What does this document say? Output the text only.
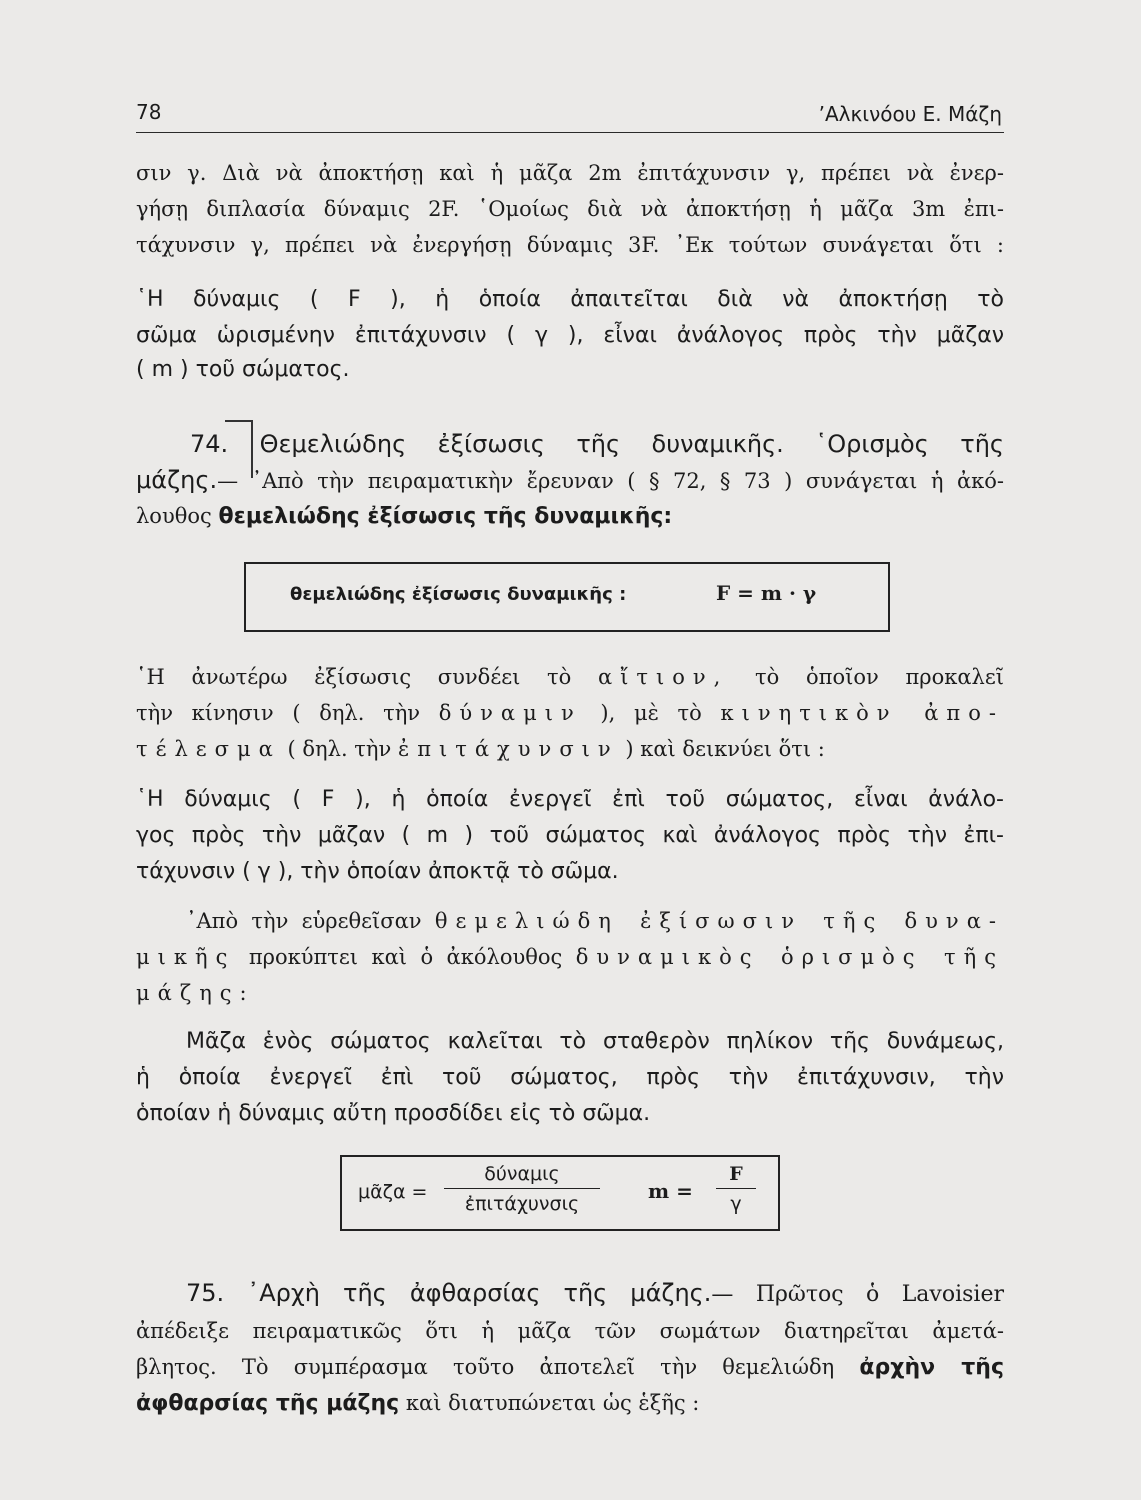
78	’Αλκινόου Ε. Μάζη
σιν γ. Διὰ νὰ ἀποκτήσῃ καὶ ἡ μᾶζα 2m ἐπιτάχυνσιν γ, πρέπει νὰ ἐνερ-
γήσῃ διπλασία δύναμις 2F. ῾Ομοίως διὰ νὰ ἀποκτήσῃ ἡ μᾶζα 3m ἐπι-
τάχυνσιν γ, πρέπει νὰ ἐνεργήσῃ δύναμις 3F. ᾿Εκ τούτων συνάγεται ὅτι :
῾Η δύναμις ( F ), ἡ ὁποία ἀπαιτεῖται διὰ νὰ ἀποκτήσῃ τὸ
σῶμα ὡρισμένην ἐπιτάχυνσιν ( γ ), εἶναι ἀνάλογος πρὸς τὴν μᾶζαν
( m ) τοῦ σώματος.
74. Θεμελιώδης ἐξίσωσις τῆς δυναμικῆς. ῾Ορισμὸς τῆς
μάζης.— ᾿Απὸ τὴν πειραματικὴν ἔρευναν ( § 72, § 73 ) συνάγεται ἡ ἀκό-
λουθος θεμελιώδης ἐξίσωσις τῆς δυναμικῆς:
θεμελιώδης ἐξίσωσις δυναμικῆς :	F = m · γ
῾Η ἀνωτέρω ἐξίσωσις συνδέει τὸ αἴτιον, τὸ ὁποῖον προκαλεῖ
τὴν κίνησιν ( δηλ. τὴν δύναμιν ), μὲ τὸ κινητικὸν ἀπο-
τέλεσμα ( δηλ. τὴν ἐπιτάχυνσιν ) καὶ δεικνύει ὅτι :
῾Η δύναμις ( F ), ἡ ὁποία ἐνεργεῖ ἐπὶ τοῦ σώματος, εἶναι ἀνάλο-
γος πρὸς τὴν μᾶζαν ( m ) τοῦ σώματος καὶ ἀνάλογος πρὸς τὴν ἐπι-
τάχυνσιν ( γ ), τὴν ὁποίαν ἀποκτᾷ τὸ σῶμα.
᾿Απὸ τὴν εὑρεθεῖσαν θεμελιώδη ἐξίσωσιν τῆς δυνα-
μικῆς προκύπτει καὶ ὁ ἀκόλουθος δυναμικὸς ὁρισμὸς τῆς
μάζης:
Μᾶζα ἑνὸς σώματος καλεῖται τὸ σταθερὸν πηλίκον τῆς δυνάμεως,
ἡ ὁποία ἐνεργεῖ ἐπὶ τοῦ σώματος, πρὸς τὴν ἐπιτάχυνσιν, τὴν
ὁποίαν ἡ δύναμις αὔτη προσδίδει εἰς τὸ σῶμα.
μᾶζα =
δύναμις
ἐπιτάχυνσις
$m = \frac{F}{\gamma}$
75. ᾿Αρχὴ τῆς ἀφθαρσίας τῆς μάζης.— Πρῶτος ὁ Lavoisier
ἀπέδειξε πειραματικῶς ὅτι ἡ μᾶζα τῶν σωμάτων διατηρεῖται ἀμετά-
βλητος. Τὸ συμπέρασμα τοῦτο ἀποτελεῖ τὴν θεμελιώδη ἀρχὴν τῆς
ἀφθαρσίας τῆς μάζης καὶ διατυπώνεται ὡς ἑξῆς :
